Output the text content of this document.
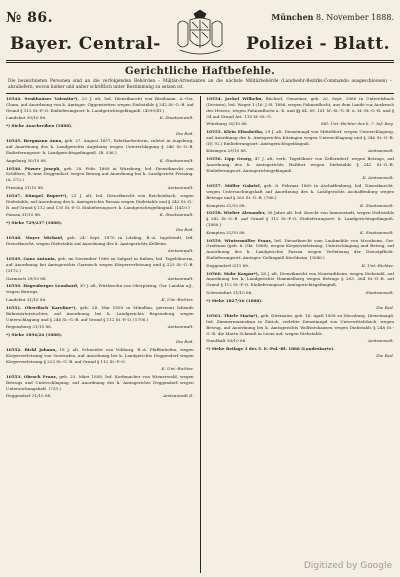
№ 86.	München 8. November 1888.
Bayer. Central-	Polizei - Blatt.
Gerichtliche Haftbefehle.
Die bezeichneten Personen sind an die verfolgenden Behörden – Militär-Arrestanten an die nächste Militärbehörde (Landwehr-Bezirks-Commando ausgeschlossen) – abzuliefern, wovon hieher und anher schriftlich unter Bestimmung zu setzen ist.
10544. Senkhauser Valentin*), 23 J. alt, led. Dienstknecht von Birnbaum, A.-Ger. Cham, auf Anordnung von k. Amtsger. Oggenstetten wegen Diebstahls § 242 St.-G.-B. auf Grund § 112 St.-P.-O. Einlieferungsort: k. Landgerichtsgefängniß. (4399/III.)
Landshut 30/10 88.	K. Staatsanwalt.
*) Siehe Auschreiben (1888).
Die Red.
10545. Bergmann Anna, geb. 27. August 1857, Fabrikarbeiterin, zuletzt in Augsburg, auf Anordnung des k. Landgerichts Augsburg wegen Unterschlagung § 246 St.-G.-B. Einlieferungsort: k. Landgerichtsgefängniß. (B. 536.)
Augsburg 30/10 88.	K. Staatsanwalt.
10546. Pözner Joseph, geb. 28. Febr. 1868 in Würzburg, led. Dienstknecht von Schillern, B.-Amt Deggendorf, wegen Betrug auf Anordnung bei k. Landgericht Freising. (A. 572.)
Freising 31/10 88.	Amtsanwalt.
10547. Kümpel Rupert*), 23 J. alt, led. Dienstknecht von Reichenbach, wegen Diebstahls, auf Anordnung des k. Amtsgerichts Passau wegen Diebstahls und § 242 St.-G.-B. auf Grund § 112 und 135 St.-P.-O. Einlieferungsort: k. Landgerichtsgefängniß. (1410.)
Passau 31/10 88.	K. Staatsanwalt.
*) Siehe 729/237 (1888).
Die Red.
10548. Mayer Michael, geb. 24. Sept. 1870 in Litzling, B.-A. Ingolstadt, led. Dienstknecht, wegen Diebstahls auf Anordnung des k. Amtsgerichts Kelheim.
Amtsanwalt.
10549. Gonz Antonia, geb. im November 1866 zu Salgart in Italien, led. Tagelöhnerin, auf Anordnung bei Amtsgerichts Garmisch wegen Körperverletzung und § 223 St.-G.-B. (3172.)
Garmisch 29/10 88.	Amtsanwalt.
10550. Hagenberger Leonhard, 30 J. alt, Wirthssohn von Oberpöring, Ger. Landau a/J., wegen Betrugs.
Landshut 31/10 88.	K. Unt.-Richter.
10551. Oberdisch Karoline*), geb. 28. Mai 1858 in Mündlen, getrennt lebende Bahnwärterstochter, auf Anordnung bei k. Landgerichts Regensburg wegen Unterschlagung und § 246 St.-G.-B. auf Grund § 112 St.-P.-O. (1706.)
Regensburg 31/10 88.	Amtsanwalt.
*) Siehe 1894/24 (1888).
Die Red.
10552. Bickl Johann, 18 J. alt, Schneider von Vohburg, B.-A. Pfaffenhofen, wegen Körperverletzung von Vorstrafen, auf Anordnung bei k. Landgerichts Deggendorf wegen Körperverletzung § 223 St.-G.-B. auf Grund § 112 St.-P.-O.
K. Unt.-Richter.
10553. Obesch Franz, geb. 23. März 1858, led. Korbmacher von Wienerwald, wegen Betrugs und Unterschlagung, auf Anordnung des k. Amtsgerichts Deggendorf wegen Untersuchungshaft. (725.)
Deggendorf 31/10 88.	Amtsanwalt II.
10554. Jackel Wilhelm, Büchsel, Gemeiner, geb. 20. Sept. 1866 in Unterelsbach (Dreisen), led. Weger 1./16. J.-R. 1886, wegen Fahnenflucht, aus dem Lande vor Ausbruch des Heeres, wegen Fahnenflucht u. K. und §§ 64, 69, 181 M.-St.-G.-B. u. M.-St.-G.-B. und § 34 auf Grund Art. 115 M.-St.-G.
Würzburg 30/10 88.	Mil.-Unt.-Richter des k. 7. Inf.-Reg.
10555. Klein Elisabetha, 29 J. alt, Dienstmagd von Mitteldorf, wegen Unterschlagung, auf Anordnung des k. Amtsgerichts Kitzingen wegen Unterschlagung und § 246 St.-G.-B. (IV. 92.) Einlieferungsort: Amtsgerichtsgefängniß.
Kitzingen 29/10 88.	Amtsanwalt.
10556. Lipp Georg, 47 J. alt, verh. Tagelöhner von Zellerndorf, wegen Betrugs, auf Anordnung des k. Amtsgerichts Haßfurt wegen Diebstahls § 242 St.-G.-B. Einlieferungsort: Amtsgerichtsgefängniß.
K. Amtsanwalt.
10557. Müller Gabriel, geb. 8. Februar 1860 in Aschaffenburg, led. Dienstknecht, wegen Untersuchungshaft auf Anordnung des k. Landgerichts Aschaffenburg wegen Betrugs und § 263 St.-G.-B. (786.)
Kempten 31/10 88.	K. Staatsanwalt.
10558. Wieber Alexander, 36 Jahre alt, led. Knecht von Immenstadt, wegen Diebstahls § 242 St.-G.-B. auf Grund § 112 St.-P.-O. Einlieferungsort: k. Landgerichtsgefängniß. (1880.)
Kempten 31/10 88.	K. Staatsanwalt.
10559. Wintermüller Franz, led. Dienstknecht vom Laubmühle von Moosheim, Ger. Grafenau (geb. 6. Okt. 1868), wegen Körperverletzung, Unterschlagung und Betrug, auf Anordnung des k. Landgerichts Passau wegen Verletzung der Dienstpflicht. Einlieferungsort: Amtsger.-Gefängniß Kirchheim. (3046.)
Deggendorf 3/11 88.	K. Unt.-Richter.
10560. Mohr Kaspar*), 28 J. alt, Dienstknecht von Neustadtheim, wegen Diebstahl, auf Anordnung bei k. Landgerichts Hammelburg wegen Betrugs § 263, 264 St.-G.-B. auf Grund § 112 St.-P.-O. Einlieferungsort: Amtsgerichtsgefängniß.
Schweinfurt 31/10 88.	Staatsanwalt.
*) Siehe 1827/16 (1888).
Die Red.
10561. Thiele Maria*), geb. Diermaier, geb. 18. April 1858 zu Moosburg, Dienstmagd, led. Zimmermannsfrau in Zürich, verlebte Dienstmagd von Unterwittelsbach, wegen Betrug, auf Anordnung bei k. Amtsgerichts Wolfratshausen wegen Diebstahls § 248 St.-G.-B. die Marta Schmidt in Leoni auf, wegen Diebstahls.
Staufhaft 30/10 88.	Amtsanwalt.
*) Siehe Beilage 3 des 5. E.-Pol.-Bl. 1888 (Landeskarte).
Die Red.
Digitized by Google
